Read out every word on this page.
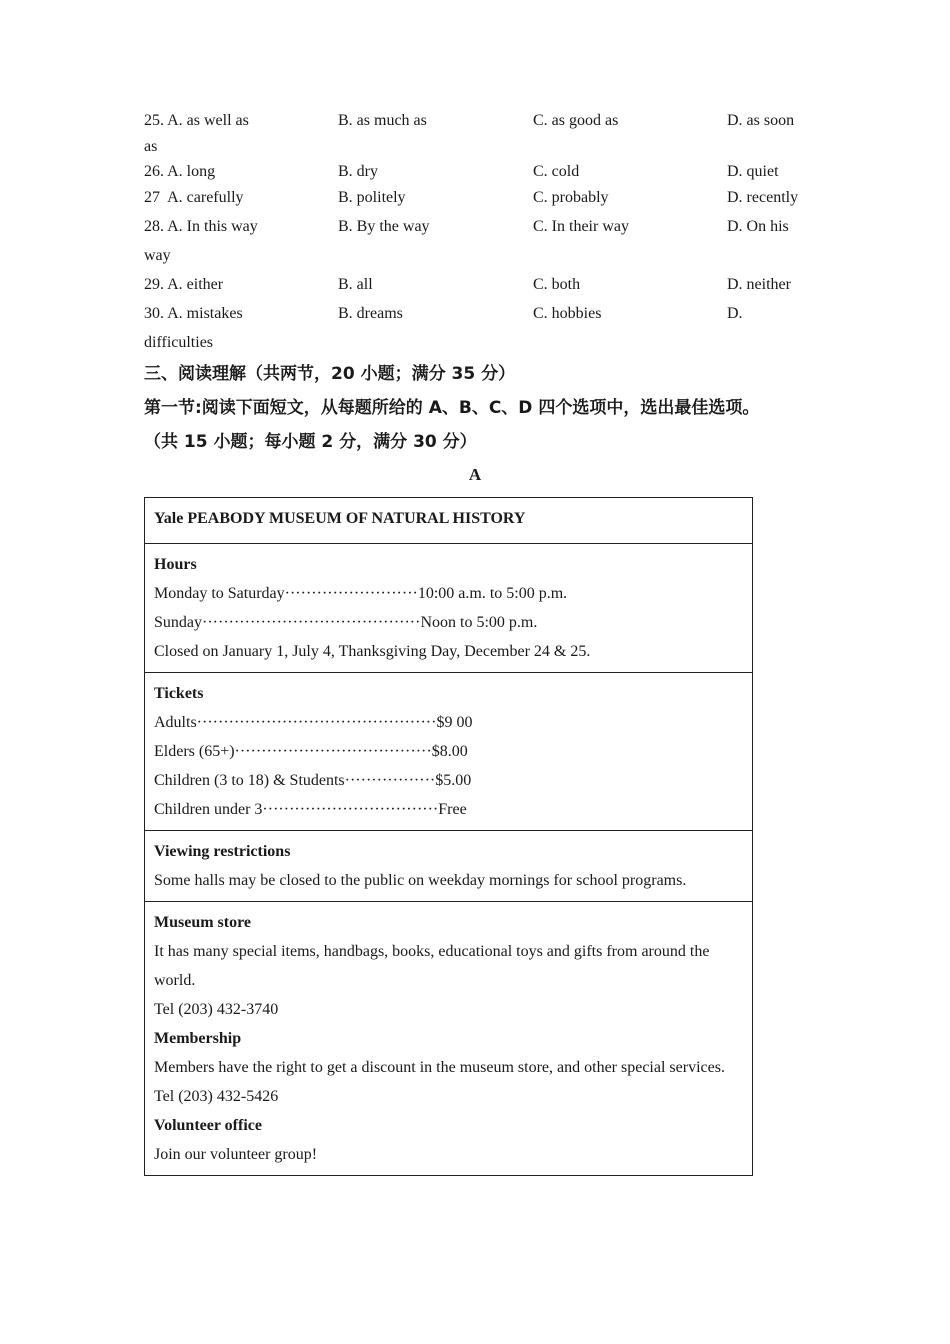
25. A. as well as	B. as much as	C. as good as	D. as soon
as
26. A. long	B. dry	C. cold	D. quiet
27  A. carefully	B. politely	C. probably	D. recently
28. A. In this way	B. By the way	C. In their way	D. On his
way
29. A. either	B. all	C. both	D. neither
30. A. mistakes	B. dreams	C. hobbies	D.
difficulties
三、阅读理解（共两节，20 小题；满分 35 分）
第一节:阅读下面短文，从每题所给的 A、B、C、D 四个选项中，选出最佳选项。
（共 15 小题；每小题 2 分，满分 30 分）
A
Yale PEABODY MUSEUM OF NATURAL HISTORY

Hours
Monday to Saturday·························10:00 a.m. to 5:00 p.m.
Sunday·········································Noon to 5:00 p.m.
Closed on January 1, July 4, Thanksgiving Day, December 24 & 25.

Tickets
Adults·············································$9 00
Elders (65+)·····································$8.00
Children (3 to 18) & Students·················$5.00
Children under 3·································Free

Viewing restrictions
Some halls may be closed to the public on weekday mornings for school programs.

Museum store
It has many special items, handbags, books, educational toys and gifts from around the world.
Tel (203) 432-3740
Membership
Members have the right to get a discount in the museum store, and other special services.
Tel (203) 432-5426
Volunteer office
Join our volunteer group!
